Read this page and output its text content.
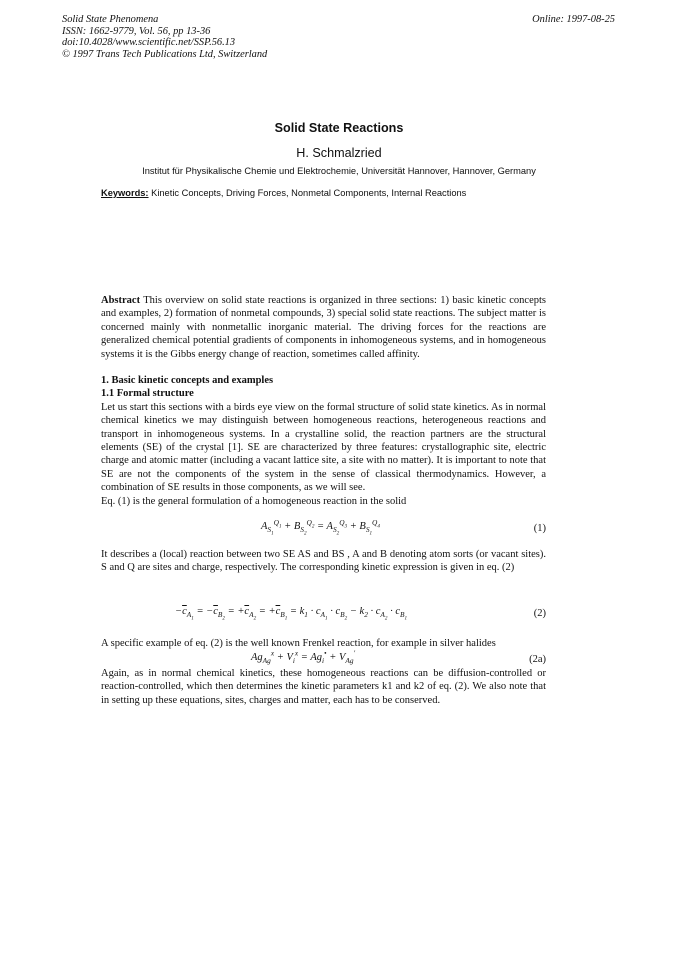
Solid State Phenomena
ISSN: 1662-9779, Vol. 56, pp 13-36
doi:10.4028/www.scientific.net/SSP.56.13
© 1997 Trans Tech Publications Ltd, Switzerland
Online: 1997-08-25
Solid State Reactions
H. Schmalzried
Institut für Physikalische Chemie und Elektrochemie, Universität Hannover, Hannover, Germany
Keywords: Kinetic Concepts, Driving Forces, Nonmetal Components, Internal Reactions

Abstract This overview on solid state reactions is organized in three sections: 1) basic kinetic concepts and examples, 2) formation of nonmetal compounds, 3) special solid state reactions. The subject matter is concerned mainly with nonmetallic inorganic material. The driving forces for the reactions are generalized chemical potential gradients of components in inhomogeneous systems, and in homogeneous systems it is the Gibbs energy change of reaction, sometimes called affinity.

1. Basic kinetic concepts and examples

1.1 Formal structure

Let us start this sections with a birds eye view on the formal structure of solid state kinetics. As in normal chemical kinetics we may distinguish between homogeneous reactions, heterogeneous reactions and transport in inhomogeneous systems. In a crystalline solid, the reaction partners are the structural elements (SE) of the crystal [1]. SE are characterized by three features: crystallographic site, electric charge and atomic matter (including a vacant lattice site, a site with no matter). It is important to note that SE are not the components of the system in the sense of classical thermodynamics. However, a combination of SE results in those components, as we will see.

Eq. (1) is the general formulation of a homogeneous reaction in the solid

$A_{S_1}^{Q_1} + B_{S_2}^{Q_2} = A_{S_2}^{Q_3} + B_{S_1}^{Q_4}$	(1)
It describes a (local) reaction between two SE AS and BS , A and B denoting atom sorts (or vacant sites). S and Q are sites and charge, respectively. The corresponding kinetic expression is given in eq. (2)
$-\overline{c}_{A_1} = -\overline{c}_{B_2} = +\overline{c}_{A_2} = +\overline{c}_{B_1} = k_1 \cdot c_{A_1} \cdot c_{B_2} - k_2 \cdot c_{A_2} \cdot c_{B_1}$	(2)
A specific example of eq. (2) is the well known Frenkel reaction, for example in silver halides
$Ag_{Ag}^x + V_i^x = Ag_i^• + V_{Ag}'$
(2a)
Again, as in normal chemical kinetics, these homogeneous reactions can be diffusion-controlled or reaction-controlled, which then determines the kinetic parameters k1 and k2 of eq. (2). We also note that in setting up these equations, sites, charges and matter, each has to be conserved.
